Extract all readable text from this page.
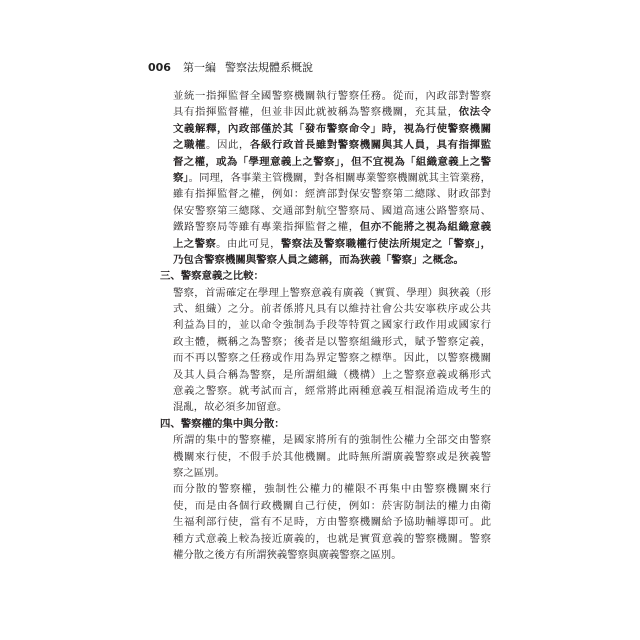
006 第一編 警察法規體系概說
並統一指揮監督全國警察機關執行警察任務。從而，內政部對警察
具有指揮監督權，但並非因此就被稱為警察機關，充其量，依法令
文義解釋，內政部僅於其「發布警察命令」時，視為行使警察機關
之職權。因此，各級行政首長雖對警察機關與其人員，具有指揮監
督之權，或為「學理意義上之警察」，但不宜視為「組織意義上之警
察」。同理，各事業主管機關，對各相關專業警察機關就其主管業務，
雖有指揮監督之權，例如：經濟部對保安警察第二總隊、財政部對
保安警察第三總隊、交通部對航空警察局、國道高速公路警察局、
鐵路警察局等雖有專業指揮監督之權，但亦不能將之視為組織意義
上之警察。由此可見，警察法及警察職權行使法所規定之「警察」，
乃包含警察機關與警察人員之總稱，而為狹義「警察」之概念。
三、警察意義之比較：
警察，首需確定在學理上警察意義有廣義（實質、學理）與狹義（形
式、組織）之分。前者係將凡具有以維持社會公共安寧秩序或公共
利益為目的，並以命令強制為手段等特質之國家行政作用或國家行
政主體，概稱之為警察；後者是以警察組織形式，賦予警察定義，
而不再以警察之任務或作用為界定警察之標準。因此，以警察機關
及其人員合稱為警察，是所謂組織（機構）上之警察意義或稱形式
意義之警察。就考試而言，經常將此兩種意義互相混淆造成考生的
混亂，故必須多加留意。
四、警察權的集中與分散：
所謂的集中的警察權，是國家將所有的強制性公權力全部交由警察
機關來行使，不假手於其他機關。此時無所謂廣義警察或是狹義警
察之區別。
而分散的警察權，強制性公權力的權限不再集中由警察機關來行
使，而是由各個行政機關自己行使，例如：菸害防制法的權力由衛
生福利部行使，當有不足時，方由警察機關給予協助輔導即可。此
種方式意義上較為接近廣義的，也就是實質意義的警察機關。警察
權分散之後方有所謂狹義警察與廣義警察之區別。
